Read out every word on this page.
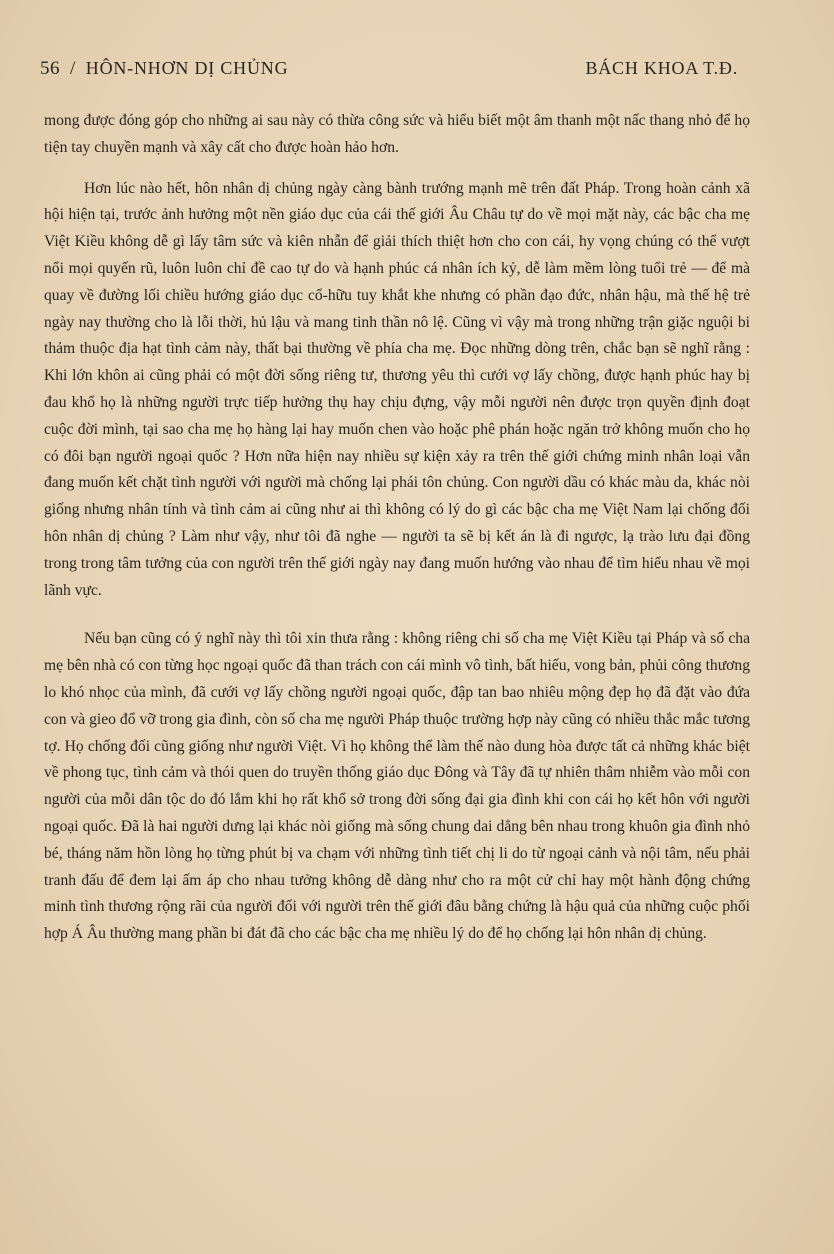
56 / HÔN-NHƠN DỊ CHỦNG	BÁCH KHOA T.Đ.

mong được đóng góp cho những ai sau này có thừa công sức và hiểu biết một âm thanh một nấc thang nhỏ để họ tiện tay chuyền mạnh và xây cất cho được hoàn hảo hơn.

Hơn lúc nào hết, hôn nhân dị chủng ngày càng bành trướng mạnh mẽ trên đất Pháp. Trong hoàn cảnh xã hội hiện tại, trước ảnh hưởng một nền giáo dục của cái thế giới Âu Châu tự do về mọi mặt này, các bậc cha mẹ Việt Kiều không dễ gì lấy tâm sức và kiên nhẫn để giải thích thiệt hơn cho con cái, hy vọng chúng có thể vượt nổi mọi quyến rũ, luôn luôn chỉ đề cao tự do và hạnh phúc cá nhân ích kỷ, dễ làm mềm lòng tuổi trẻ — để mà quay về đường lối chiều hướng giáo dục cổ-hữu tuy khắt khe nhưng có phần đạo đức, nhân hậu, mà thế hệ trẻ ngày nay thường cho là lỗi thời, hủ lậu và mang tinh thần nô lệ. Cũng vì vậy mà trong những trận giặc nguội bi thảm thuộc địa hạt tình cảm này, thất bại thường về phía cha mẹ. Đọc những dòng trên, chắc bạn sẽ nghĩ rằng : Khi lớn khôn ai cũng phải có một đời sống riêng tư, thương yêu thì cưới vợ lấy chồng, được hạnh phúc hay bị đau khổ họ là những người trực tiếp hưởng thụ hay chịu đựng, vậy mỗi người nên được trọn quyền định đoạt cuộc đời mình, tại sao cha mẹ họ hàng lại hay muốn chen vào hoặc phê phán hoặc ngăn trở không muốn cho họ có đôi bạn người ngoại quốc ? Hơn nữa hiện nay nhiều sự kiện xảy ra trên thế giới chứng minh nhân loại vẫn đang muốn kết chặt tình người với người mà chống lại phái tôn chủng. Con người dầu có khác màu da, khác nòi giống nhưng nhân tính và tình cảm ai cũng như ai thì không có lý do gì các bậc cha mẹ Việt Nam lại chống đối hôn nhân dị chủng ? Làm như vậy, như tôi đã nghe — người ta sẽ bị kết án là đi ngược, lạ trào lưu đại đồng trong trong tâm tưởng của con người trên thế giới ngày nay đang muốn hướng vào nhau để tìm hiểu nhau về mọi lãnh vực.

Nếu bạn cũng có ý nghĩ này thì tôi xin thưa rằng : không riêng chi số cha mẹ Việt Kiều tại Pháp và số cha mẹ bên nhà có con từng học ngoại quốc đã than trách con cái mình vô tình, bất hiếu, vong bản, phủi công thương lo khó nhọc của mình, đã cưới vợ lấy chồng người ngoại quốc, đập tan bao nhiêu mộng đẹp họ đã đặt vào đứa con và gieo đổ vỡ trong gia đình, còn số cha mẹ người Pháp thuộc trường hợp này cũng có nhiều thắc mắc tương tợ. Họ chống đối cũng giống như người Việt. Vì họ không thể làm thế nào dung hòa được tất cả những khác biệt về phong tục, tình cảm và thói quen do truyền thống giáo dục Đông và Tây đã tự nhiên thâm nhiễm vào mỗi con người của mỗi dân tộc do đó lắm khi họ rất khổ sở trong đời sống đại gia đình khi con cái họ kết hôn với người ngoại quốc. Đã là hai người dưng lại khác nòi giống mà sống chung dai dẳng bên nhau trong khuôn gia đình nhỏ bé, tháng năm hồn lòng họ từng phút bị va chạm với những tình tiết chị li do từ ngoại cảnh và nội tâm, nếu phải tranh đấu để đem lại ấm áp cho nhau tưởng không dễ dàng như cho ra một cử chỉ hay một hành động chứng minh tình thương rộng rãi của người đối với người trên thế giới đâu bằng chứng là hậu quả của những cuộc phối hợp Á Âu thường mang phần bi đát đã cho các bậc cha mẹ nhiều lý do để họ chống lại hôn nhân dị chủng.
